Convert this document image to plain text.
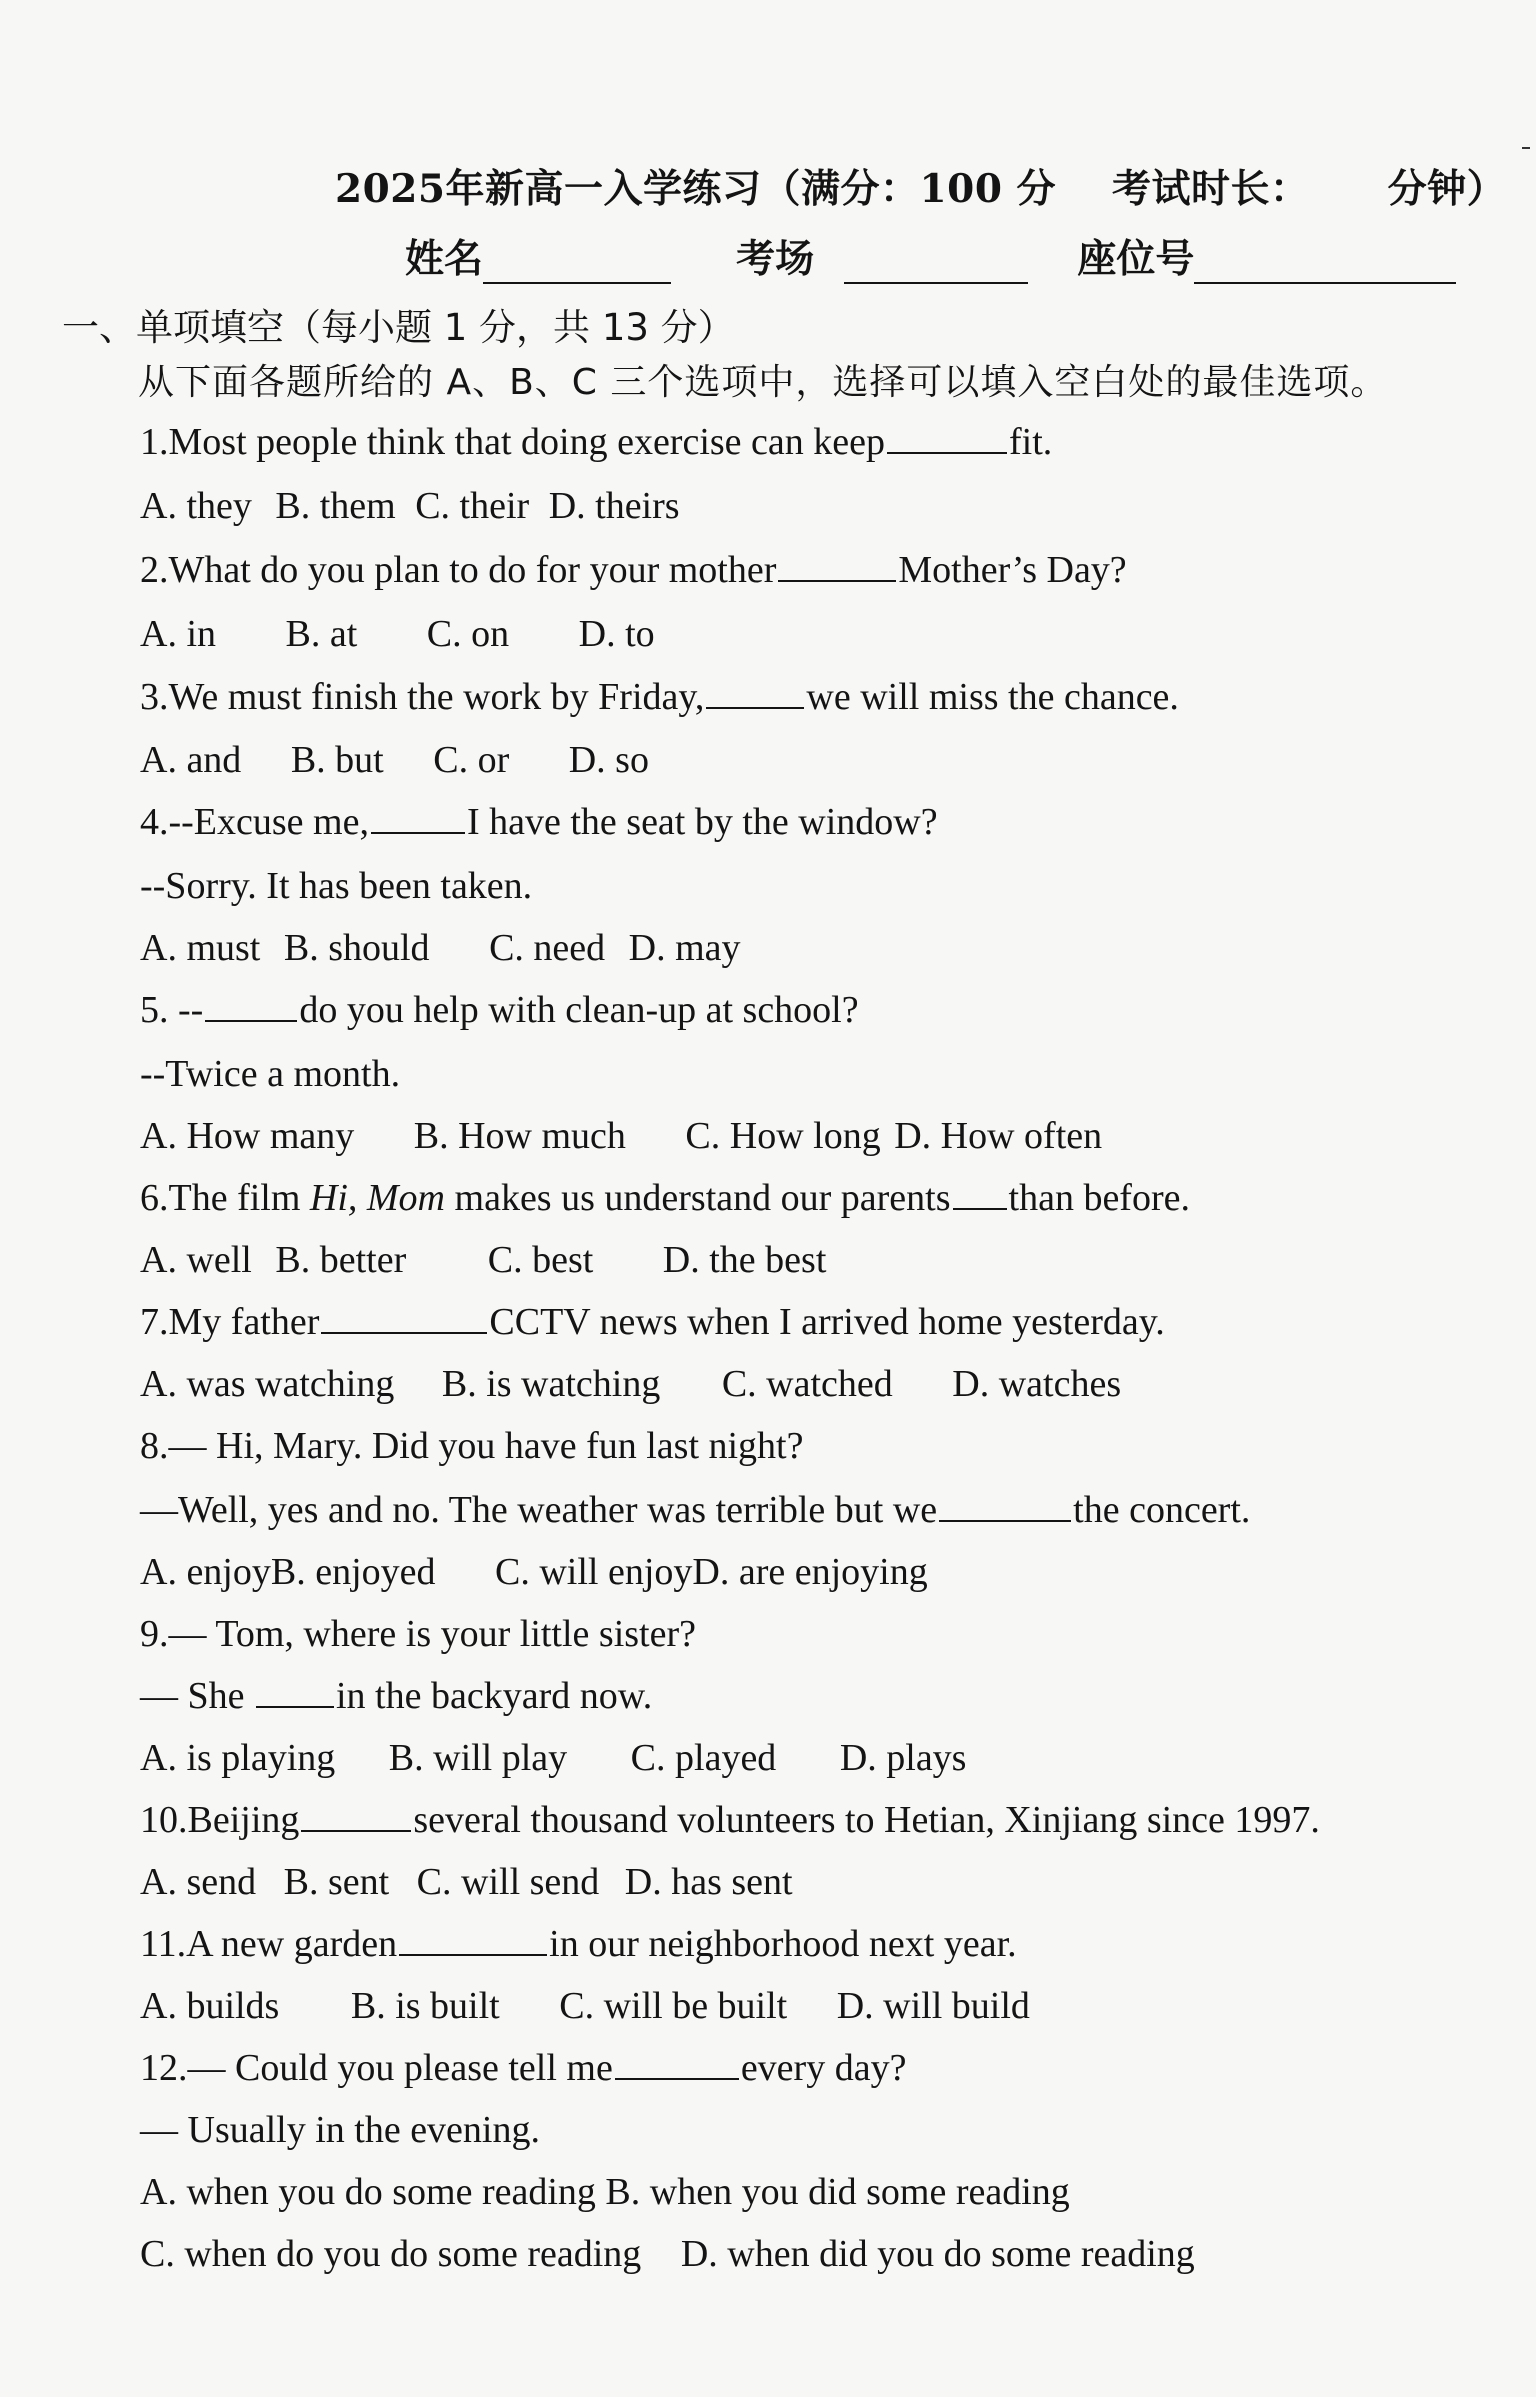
2025年新高一入学练习（满分：100 分 考试时长： 分钟）
姓名	考场	座位号
一、单项填空（每小题 1 分，共 13 分）
从下面各题所给的 A、B、C 三个选项中，选择可以填入空白处的最佳选项。
1.Most people think that doing exercise can keep	fit.
A. they B. them C. their D. theirs
2.What do you plan to do for your mother	Mother’s Day?
A. in B. at C. on D. to
3.We must finish the work by Friday,	we will miss the chance.
A. and B. but C. or D. so
4.--Excuse me,	I have the seat by the window?
--Sorry. It has been taken.
A. must B. should C. need D. may
5. --	do you help with clean-up at school?
--Twice a month.
A. How many B. How much C. How long D. How often
6.The film Hi, Mom makes us understand our parents than before.
A. well B. better C. best D. the best
7.My father	CCTV news when I arrived home yesterday.
A. was watching B. is watching C. watched D. watches
8.— Hi, Mary. Did you have fun last night?
—Well, yes and no. The weather was terrible but we	the concert.
A. enjoyB. enjoyed C. will enjoyD. are enjoying
9.— Tom, where is your little sister?
— She in the backyard now.
A. is playing B. will play C. played D. plays
10.Beijing	several thousand volunteers to Hetian, Xinjiang since 1997.
A. send B. sent C. will send D. has sent
11.A new garden	in our neighborhood next year.
A. builds B. is built C. will be built D. will build
12.— Could you please tell me	every day?
— Usually in the evening.
A. when you do some reading B. when you did some reading
C. when do you do some reading D. when did you do some reading
